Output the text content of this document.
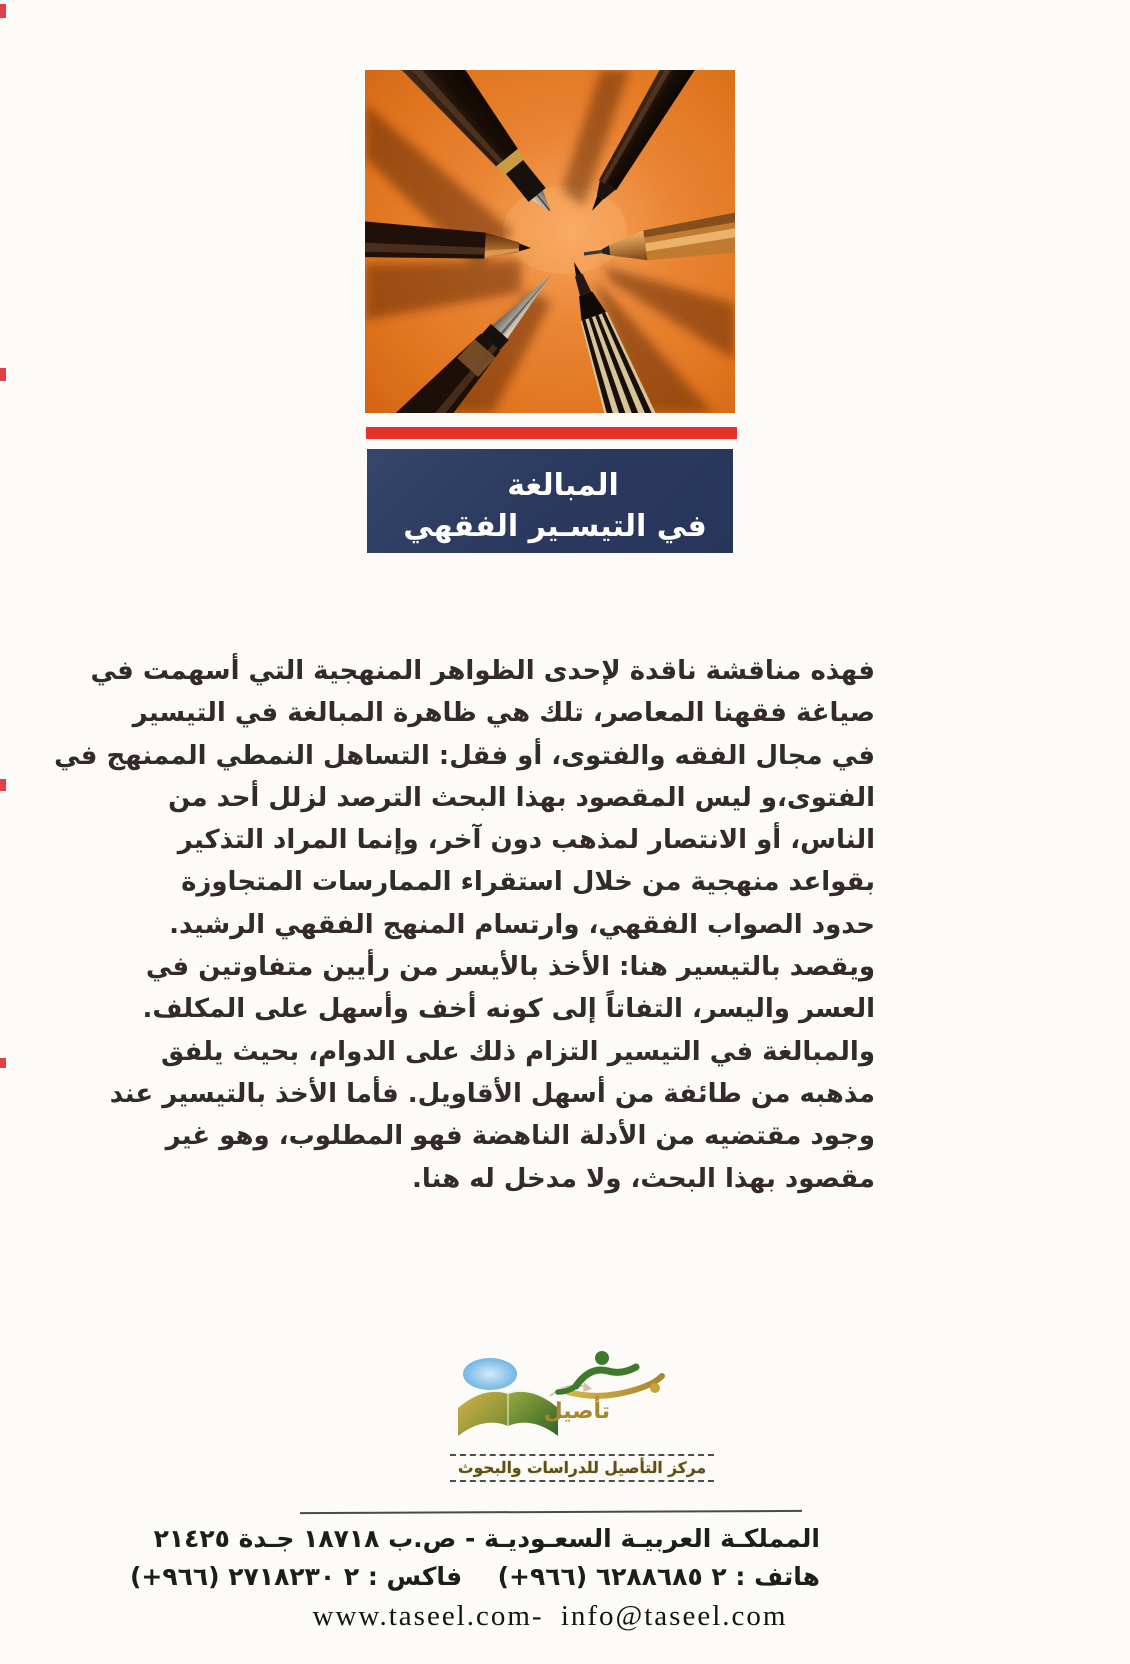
المبالغة
في التيسـير الفقهي
فهذه مناقشة ناقدة لإحدى الظواهر المنهجية التي أسهمت في
صياغة فقهنا المعاصر، تلك هي ظاهرة المبالغة في التيسير
في مجال الفقه والفتوى، أو فقل: التساهل النمطي الممنهج في
الفتوى،و ليس المقصود بهذا البحث الترصد لزلل أحد من
الناس، أو الانتصار لمذهب دون آخر، وإنما المراد التذكير
بقواعد منهجية من خلال استقراء الممارسات المتجاوزة
حدود الصواب الفقهي، وارتسام المنهج الفقهي الرشيد.
ويقصد بالتيسير هنا: الأخذ بالأيسر من رأيين متفاوتين في
العسر واليسر، التفاتاً إلى كونه أخف وأسهل على المكلف.
والمبالغة في التيسير التزام ذلك على الدوام، بحيث يلفق
مذهبه من طائفة من أسهل الأقاويل. فأما الأخذ بالتيسير عند
وجود مقتضيه من الأدلة الناهضة فهو المطلوب، وهو غير
مقصود بهذا البحث، ولا مدخل له هنا.
تأصيل
مركز التأصيل للدراسات والبحوث
المملكـة العربيـة السعـوديـة - ص.ب ١٨٧١٨ جـدة ٢١٤٢٥
هاتف : (+٩٦٦) ٢ ٦٢٨٨٦٨٥  فاكس : (+٩٦٦) ٢ ٢٧١٨٢٣٠
www.taseel.com- info@taseel.com
